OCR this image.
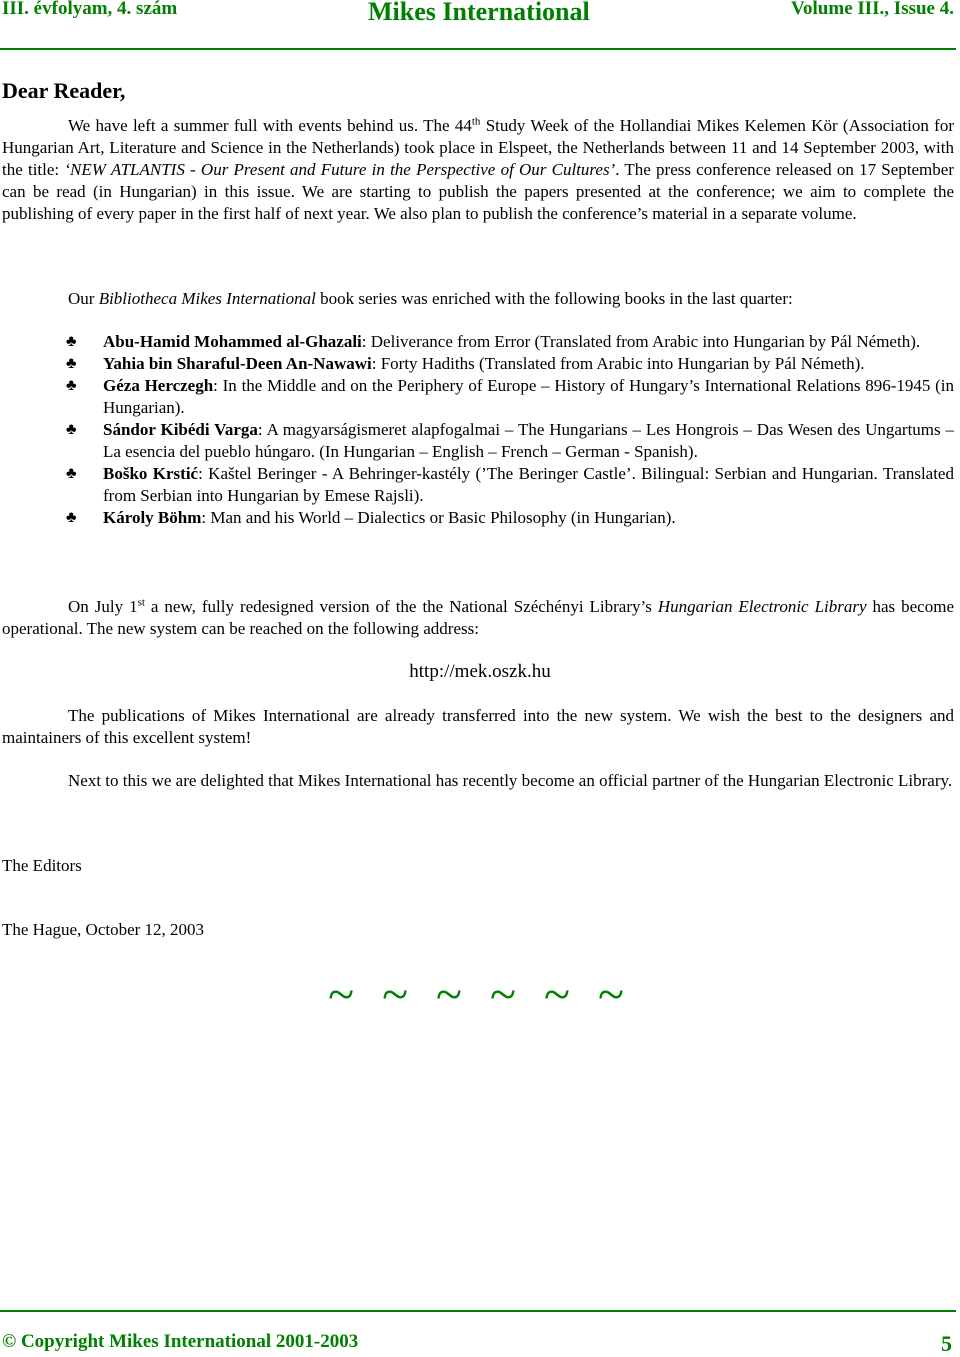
III. évfolyam, 4. szám	Mikes International	Volume III., Issue 4.
Dear Reader,

We have left a summer full with events behind us. The 44th Study Week of the Hollandiai Mikes Kelemen Kör (Association for Hungarian Art, Literature and Science in the Netherlands) took place in Elspeet, the Netherlands between 11 and 14 September 2003, with the title: ‘NEW ATLANTIS - Our Present and Future in the Perspective of Our Cultures’. The press conference released on 17 September can be read (in Hungarian) in this issue. We are starting to publish the papers presented at the conference; we aim to complete the publishing of every paper in the first half of next year. We also plan to publish the conference’s material in a separate volume.

Our Bibliotheca Mikes International book series was enriched with the following books in the last quarter:

♣ Abu-Hamid Mohammed al-Ghazali: Deliverance from Error (Translated from Arabic into Hungarian by Pál Németh).
♣ Yahia bin Sharaful-Deen An-Nawawi: Forty Hadiths (Translated from Arabic into Hungarian by Pál Németh).
♣ Géza Herczegh: In the Middle and on the Periphery of Europe – History of Hungary’s International Relations 896-1945 (in Hungarian).
♣ Sándor Kibédi Varga: A magyarságismeret alapfogalmai – The Hungarians – Les Hongrois – Das Wesen des Ungartums – La esencia del pueblo húngaro. (In Hungarian – English – French – German - Spanish).
♣ Boško Krstić: Kaštel Beringer - A Behringer-kastély (’The Beringer Castle’. Bilingual: Serbian and Hungarian. Translated from Serbian into Hungarian by Emese Rajsli).
♣ Károly Böhm: Man and his World – Dialectics or Basic Philosophy (in Hungarian).

On July 1st a new, fully redesigned version of the the National Széchényi Library’s Hungarian Electronic Library has become operational. The new system can be reached on the following address:

http://mek.oszk.hu

The publications of Mikes International are already transferred into the new system. We wish the best to the designers and maintainers of this excellent system!

Next to this we are delighted that Mikes International has recently become an official partner of the Hungarian Electronic Library.

The Editors
The Hague, October 12, 2003
~ ~ ~ ~ ~ ~
© Copyright Mikes International 2001-2003	5
